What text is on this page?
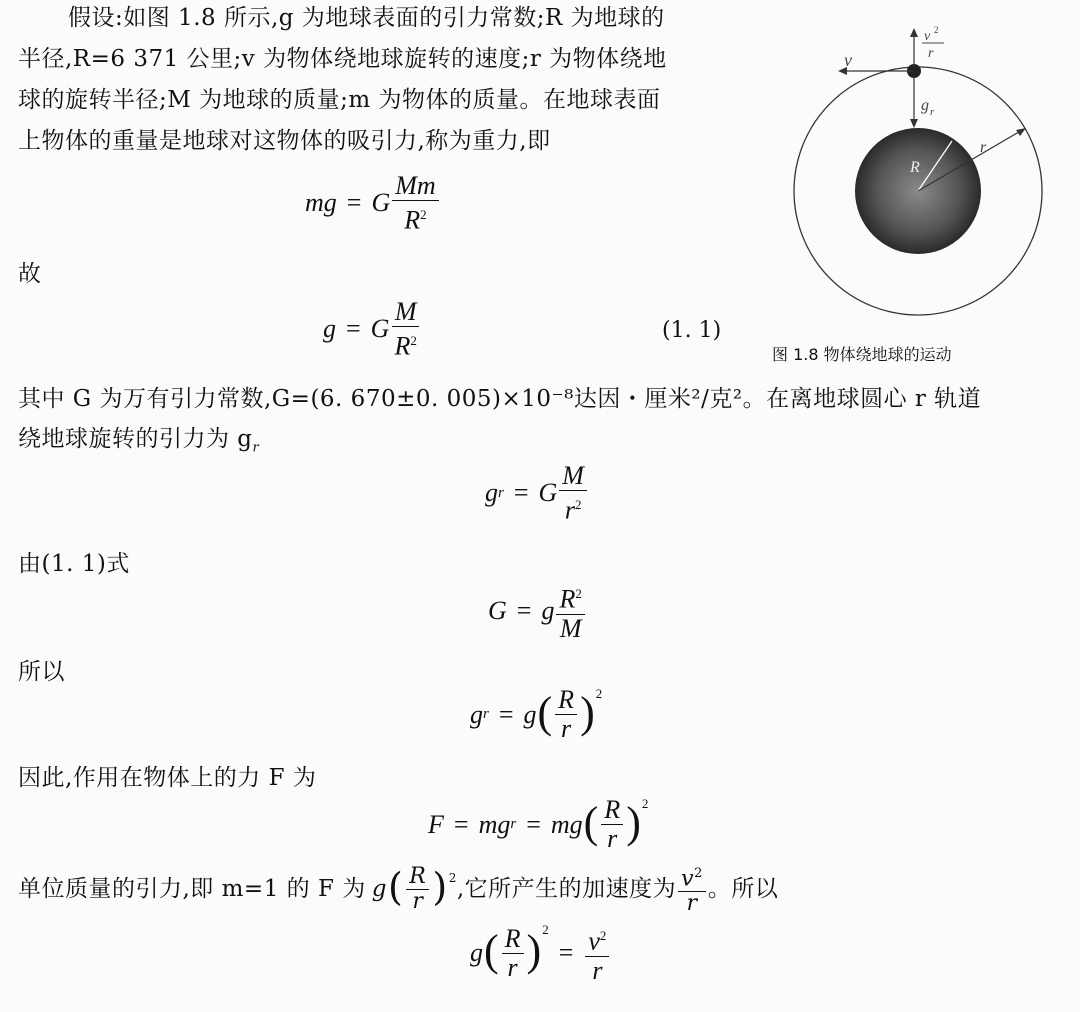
假设:如图 1.8 所示,g 为地球表面的引力常数;R 为地球的
半径,R=6 371 公里;v 为物体绕地球旋转的速度;r 为物体绕地
球的旋转半径;M 为地球的质量;m 为物体的质量。在地球表面
上物体的重量是地球对这物体的吸引力,称为重力,即
mg = G $\frac{Mm}{R^2}$
故
g = G $\frac{M}{R^2}$	(1. 1)
v
v 2
r
g r
R
r
图 1.8 物体绕地球的运动
其中 G 为万有引力常数,G=(6. 670±0. 005)×10⁻⁸达因・厘米²/克²。在离地球圆心 r 轨道
绕地球旋转的引力为 $g_r$
g r = G $\frac{M}{r^2}$
由(1. 1)式
G = g $\frac{R^2}{M}$
所以
g r = g ( $\frac{R}{r} )^2$
因此,作用在物体上的力 F 为
F = mg r = mg ( $\frac{R}{r} )^2$
单位质量的引力,即 m=1 的 F 为 g ( $\frac{R}{r} )^2$ ,它所产生的加速度为 $\frac{v^2}{r}$ 。所以
g ( $\frac{R}{r} )^2$
= $\frac{v^2}{r}$
